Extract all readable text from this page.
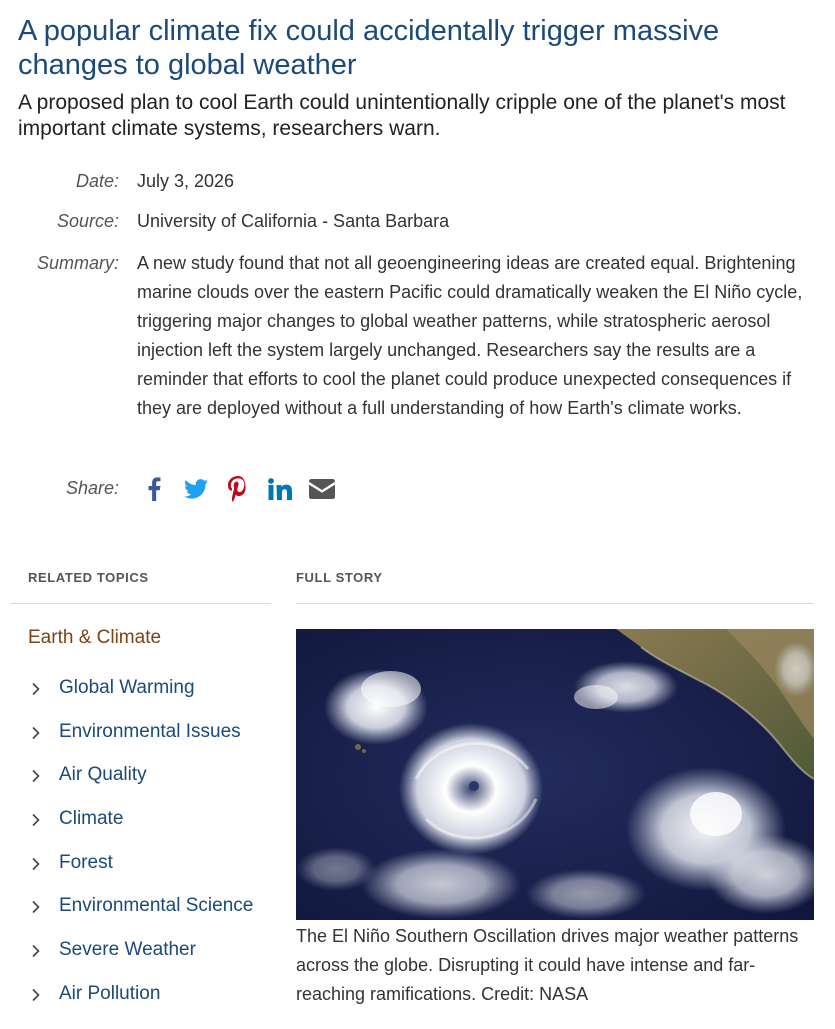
A popular climate fix could accidentally trigger massive changes to global weather
A proposed plan to cool Earth could unintentionally cripple one of the planet's most important climate systems, researchers warn.
Date: July 3, 2026
Source: University of California - Santa Barbara
Summary: A new study found that not all geoengineering ideas are created equal. Brightening marine clouds over the eastern Pacific could dramatically weaken the El Niño cycle, triggering major changes to global weather patterns, while stratospheric aerosol injection left the system largely unchanged. Researchers say the results are a reminder that efforts to cool the planet could produce unexpected consequences if they are deployed without a full understanding of how Earth's climate works.
Share:
RELATED TOPICS	FULL STORY
Earth & Climate
Global Warming
Environmental Issues
Air Quality
Climate
Forest
Environmental Science
Severe Weather
Air Pollution

The El Niño Southern Oscillation drives major weather patterns across the globe. Disrupting it could have intense and far-reaching ramifications. Credit: NASA
